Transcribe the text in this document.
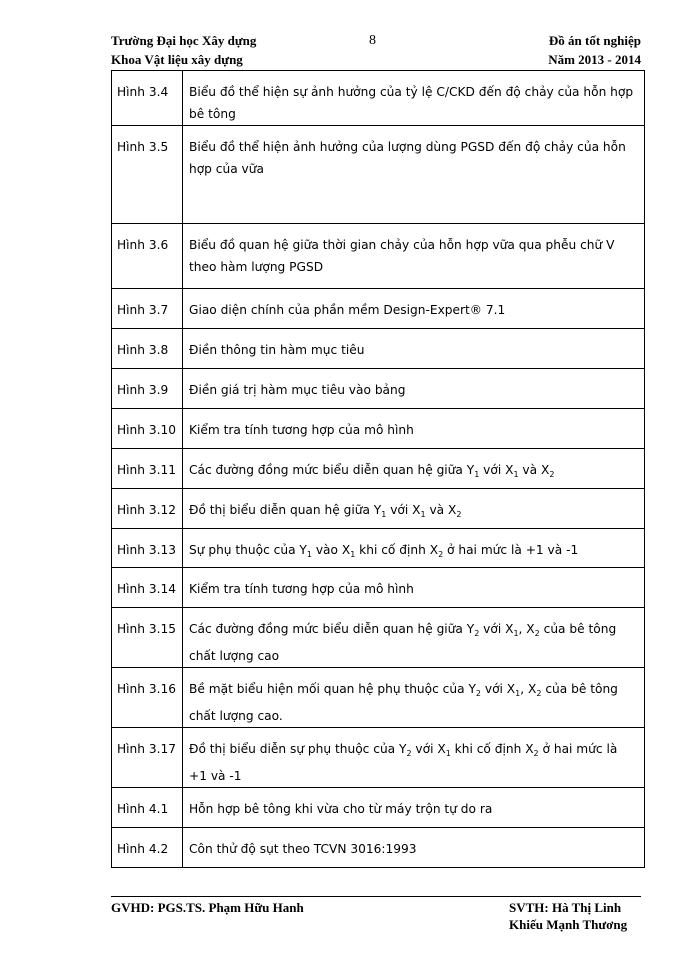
Trường Đại học Xây dựng
Khoa Vật liệu xây dựng
8	Đồ án tốt nghiệp
Năm 2013 - 2014
Hình 3.4	Biểu đồ thể hiện sự ảnh hưởng của tỷ lệ C/CKD đến độ chảy của hỗn hợp bê tông
Hình 3.5	Biểu đồ thể hiện ảnh hưởng của lượng dùng PGSD đến độ chảy của hỗn hợp của vữa
Hình 3.6	Biểu đồ quan hệ giữa thời gian chảy của hỗn hợp vữa qua phễu chữ V theo hàm lượng PGSD
Hình 3.7	Giao diện chính của phần mềm Design-Expert® 7.1
Hình 3.8	Điền thông tin hàm mục tiêu
Hình 3.9	Điền giá trị hàm mục tiêu vào bảng
Hình 3.10	Kiểm tra tính tương hợp của mô hình
Hình 3.11	Các đường đồng mức biểu diễn quan hệ giữa $Y_1$ với $X_1$ và $X_2$
Hình 3.12	Đồ thị biểu diễn quan hệ giữa $Y_1$ với $X_1$ và $X_2$
Hình 3.13	Sự phụ thuộc của $Y_1$ vào $X_1$ khi cố định $X_2$ ở hai mức là +1 và -1
Hình 3.14	Kiểm tra tính tương hợp của mô hình
Hình 3.15	Các đường đồng mức biểu diễn quan hệ giữa $Y_2$ với $X_1$, $X_2$ của bê tông chất lượng cao
Hình 3.16	Bề mặt biểu hiện mối quan hệ phụ thuộc của $Y_2$ với $X_1$, $X_2$ của bê tông chất lượng cao.
Hình 3.17	Đồ thị biểu diễn sự phụ thuộc của $Y_2$ với $X_1$ khi cố định $X_2$ ở hai mức là +1 và -1
Hình 4.1	Hỗn hợp bê tông khi vừa cho từ máy trộn tự do ra
Hình 4.2	Côn thử độ sụt theo TCVN 3016:1993
GVHD: PGS.TS. Phạm Hữu Hanh	SVTH: Hà Thị Linh
Khiếu Mạnh Thương
